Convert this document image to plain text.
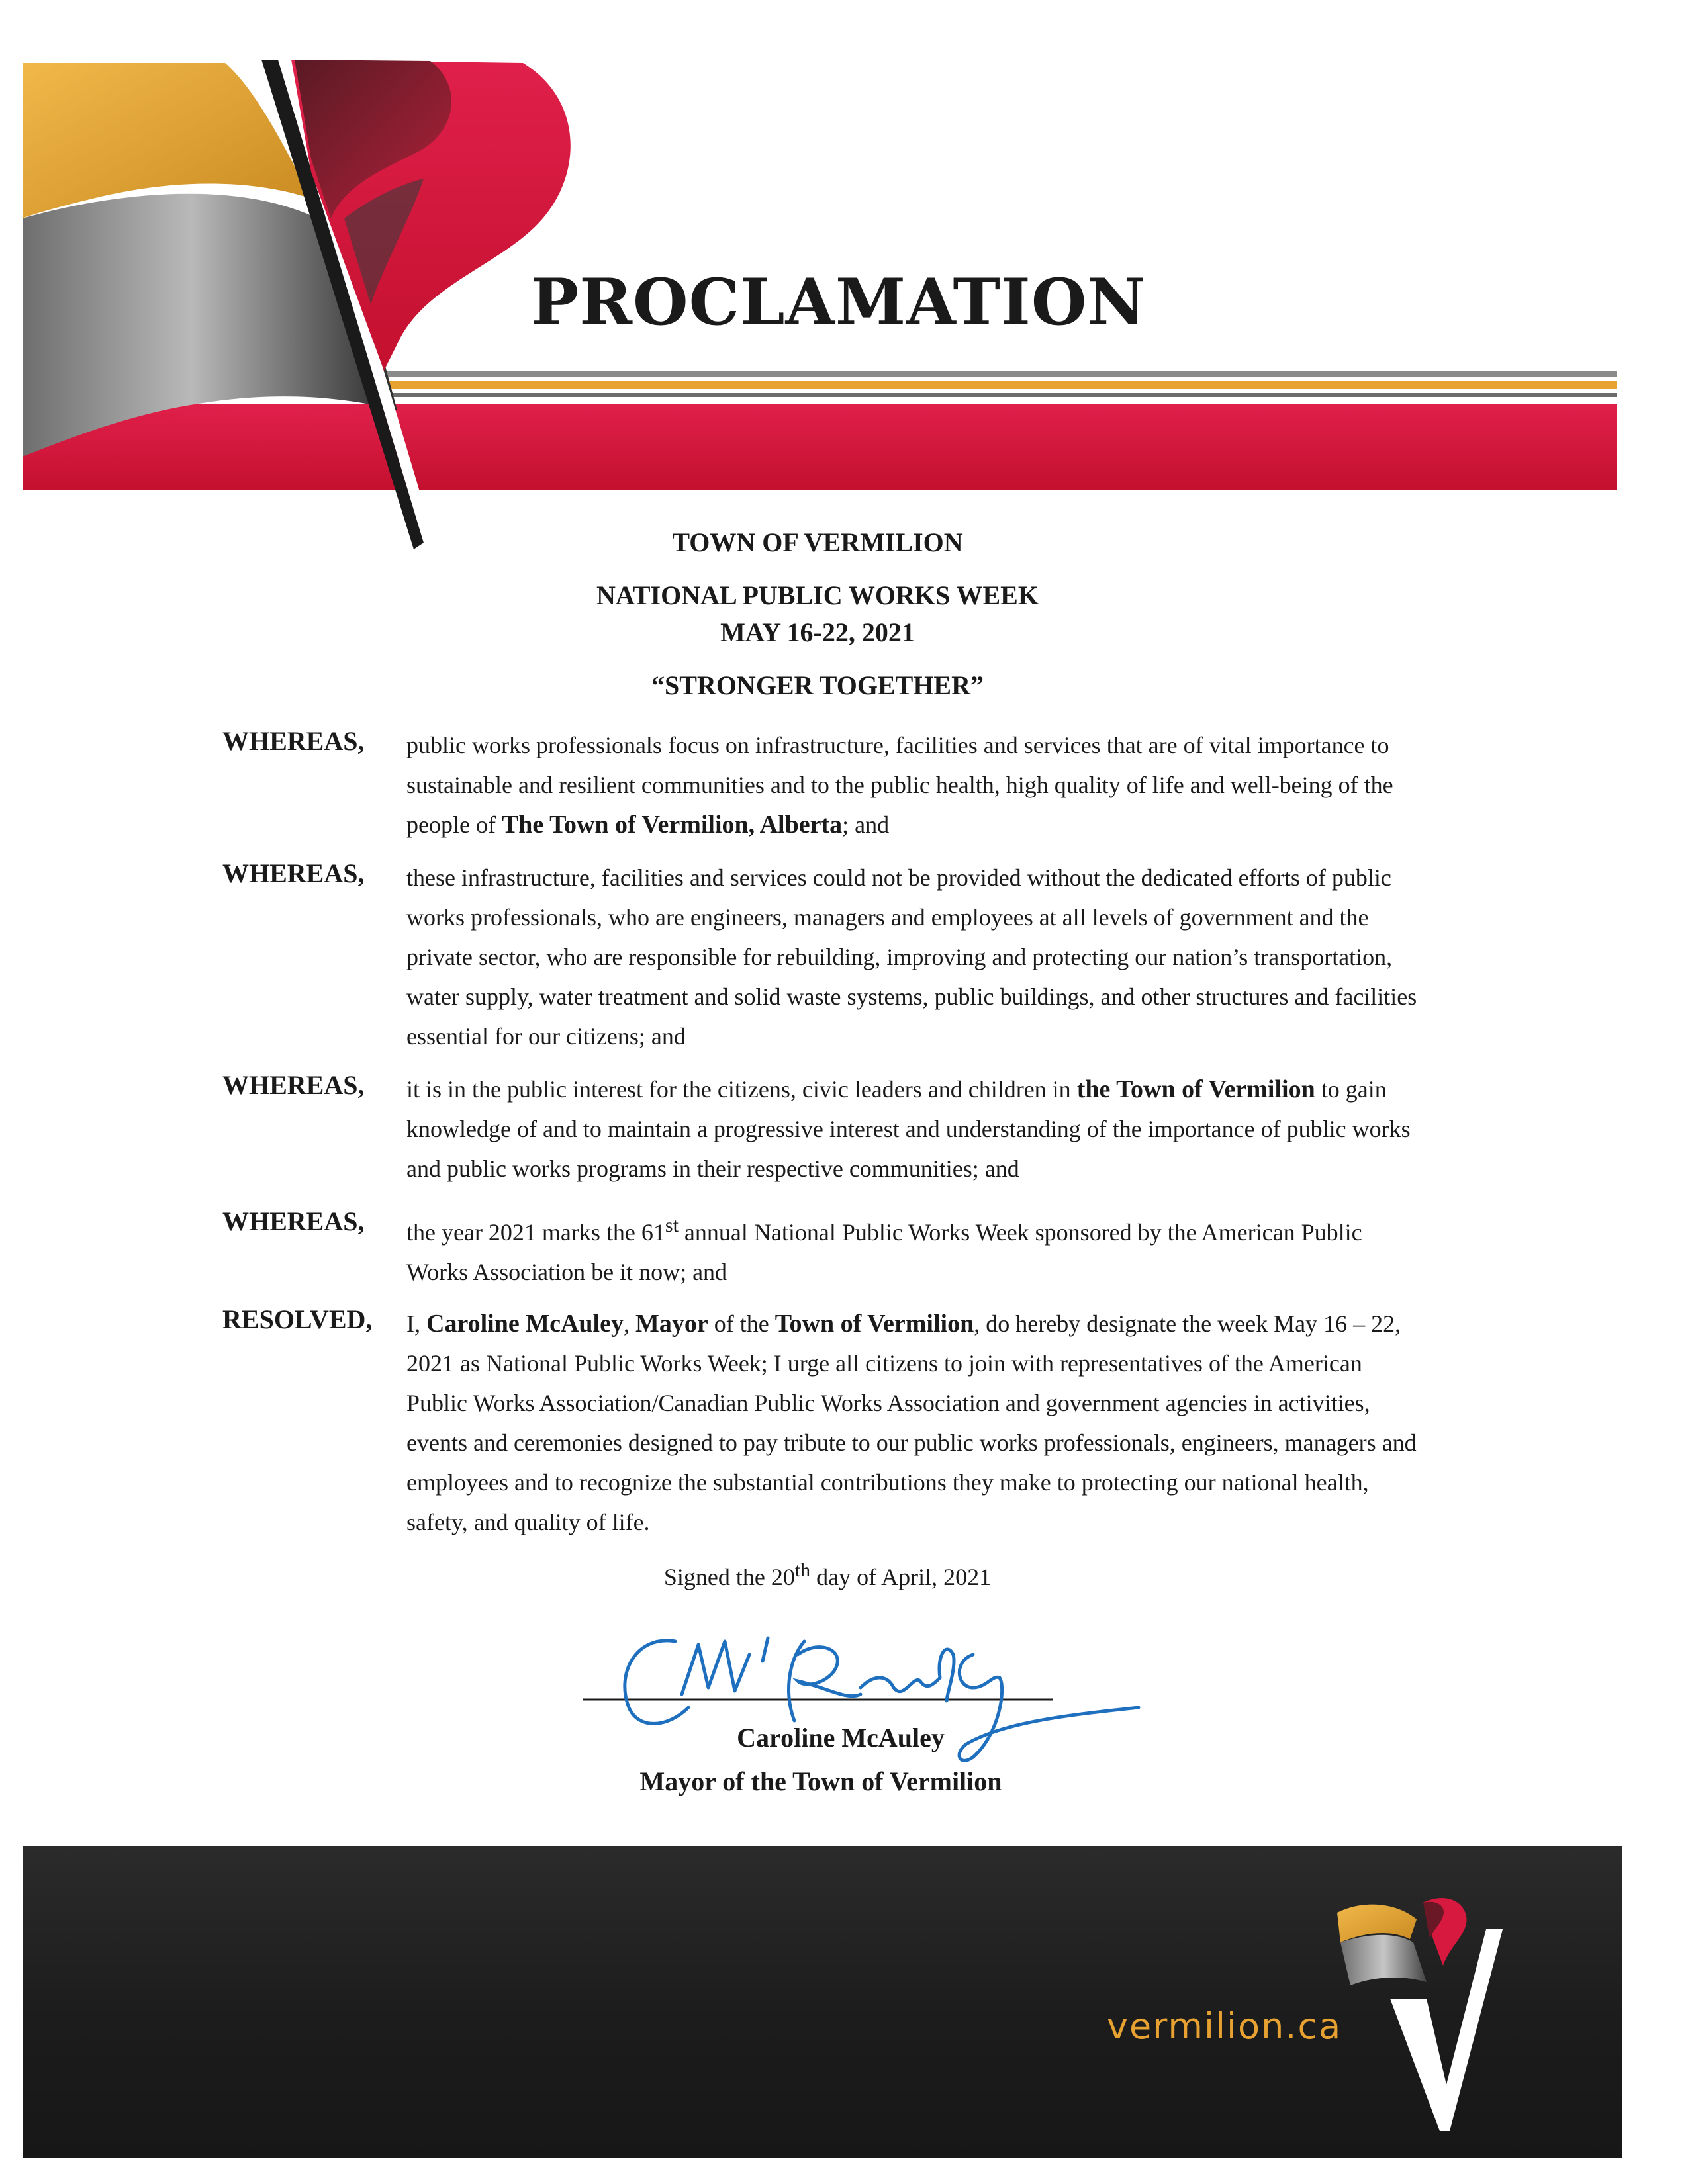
PROCLAMATION
TOWN OF VERMILION
NATIONAL PUBLIC WORKS WEEK
MAY 16-22, 2021
“STRONGER TOGETHER”
WHEREAS, public works professionals focus on infrastructure, facilities and services that are of vital importance to sustainable and resilient communities and to the public health, high quality of life and well-being of the people of The Town of Vermilion, Alberta; and
WHEREAS, these infrastructure, facilities and services could not be provided without the dedicated efforts of public works professionals, who are engineers, managers and employees at all levels of government and the private sector, who are responsible for rebuilding, improving and protecting our nation’s transportation, water supply, water treatment and solid waste systems, public buildings, and other structures and facilities essential for our citizens; and
WHEREAS, it is in the public interest for the citizens, civic leaders and children in the Town of Vermilion to gain knowledge of and to maintain a progressive interest and understanding of the importance of public works and public works programs in their respective communities; and
WHEREAS, the year 2021 marks the 61st annual National Public Works Week sponsored by the American Public Works Association be it now; and
RESOLVED, I, Caroline McAuley, Mayor of the Town of Vermilion, do hereby designate the week May 16 – 22, 2021 as National Public Works Week; I urge all citizens to join with representatives of the American Public Works Association/Canadian Public Works Association and government agencies in activities, events and ceremonies designed to pay tribute to our public works professionals, engineers, managers and employees and to recognize the substantial contributions they make to protecting our national health, safety, and quality of life.
Signed the 20th day of April, 2021
Caroline McAuley
Mayor of the Town of Vermilion
vermilion.ca
